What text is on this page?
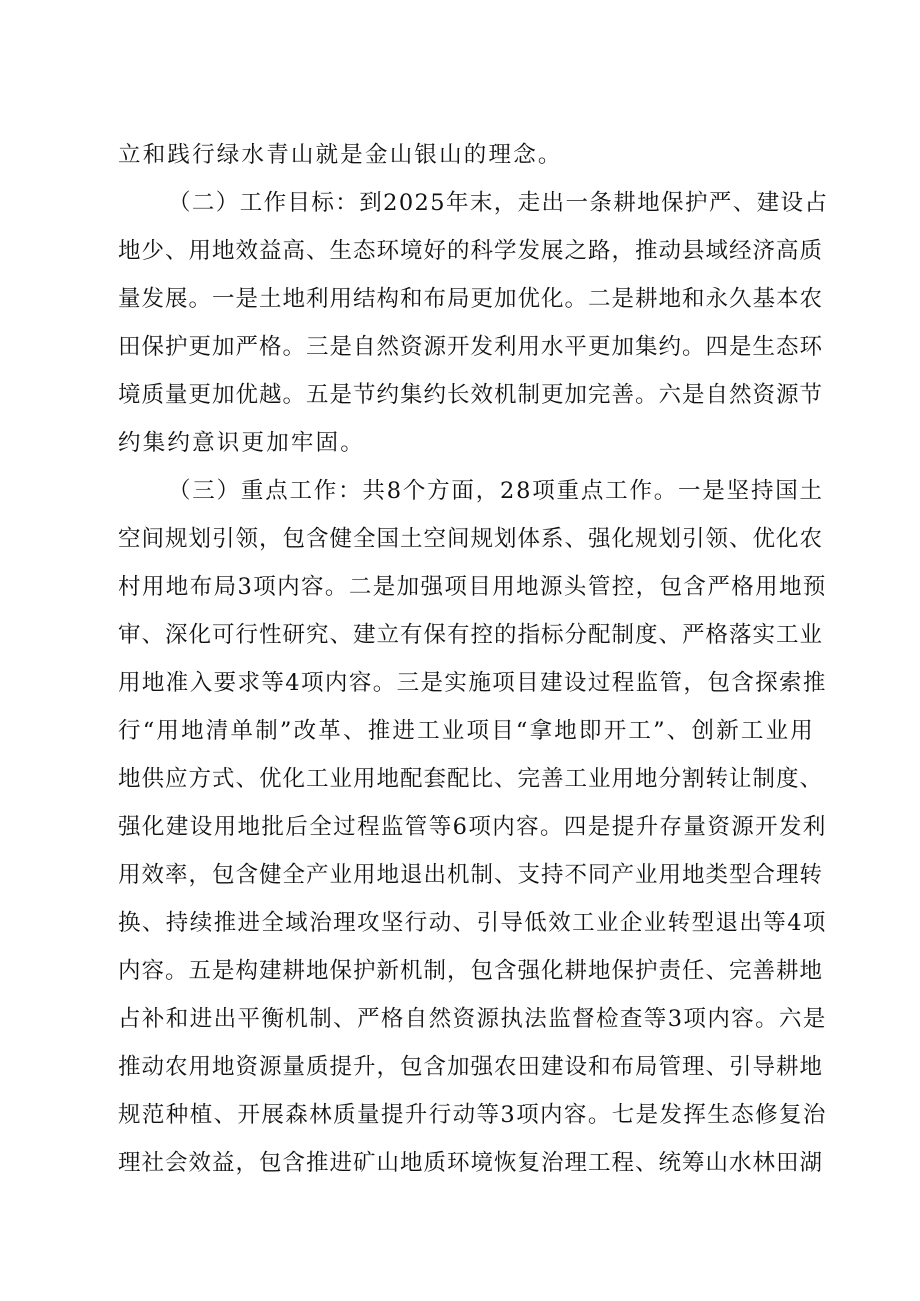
立和践行绿水青山就是金山银山的理念。
（二）工作目标：到2025年末，走出一条耕地保护严、建设占
地少、用地效益高、生态环境好的科学发展之路，推动县域经济高质
量发展。一是土地利用结构和布局更加优化。二是耕地和永久基本农
田保护更加严格。三是自然资源开发利用水平更加集约。四是生态环
境质量更加优越。五是节约集约长效机制更加完善。六是自然资源节
约集约意识更加牢固。
（三）重点工作：共8个方面，28项重点工作。一是坚持国土
空间规划引领，包含健全国土空间规划体系、强化规划引领、优化农
村用地布局3项内容。二是加强项目用地源头管控，包含严格用地预
审、深化可行性研究、建立有保有控的指标分配制度、严格落实工业
用地准入要求等4项内容。三是实施项目建设过程监管，包含探索推
行“用地清单制”改革、推进工业项目“拿地即开工”、创新工业用
地供应方式、优化工业用地配套配比、完善工业用地分割转让制度、
强化建设用地批后全过程监管等6项内容。四是提升存量资源开发利
用效率，包含健全产业用地退出机制、支持不同产业用地类型合理转
换、持续推进全域治理攻坚行动、引导低效工业企业转型退出等4项
内容。五是构建耕地保护新机制，包含强化耕地保护责任、完善耕地
占补和进出平衡机制、严格自然资源执法监督检查等3项内容。六是
推动农用地资源量质提升，包含加强农田建设和布局管理、引导耕地
规范种植、开展森林质量提升行动等3项内容。七是发挥生态修复治
理社会效益，包含推进矿山地质环境恢复治理工程、统筹山水林田湖
